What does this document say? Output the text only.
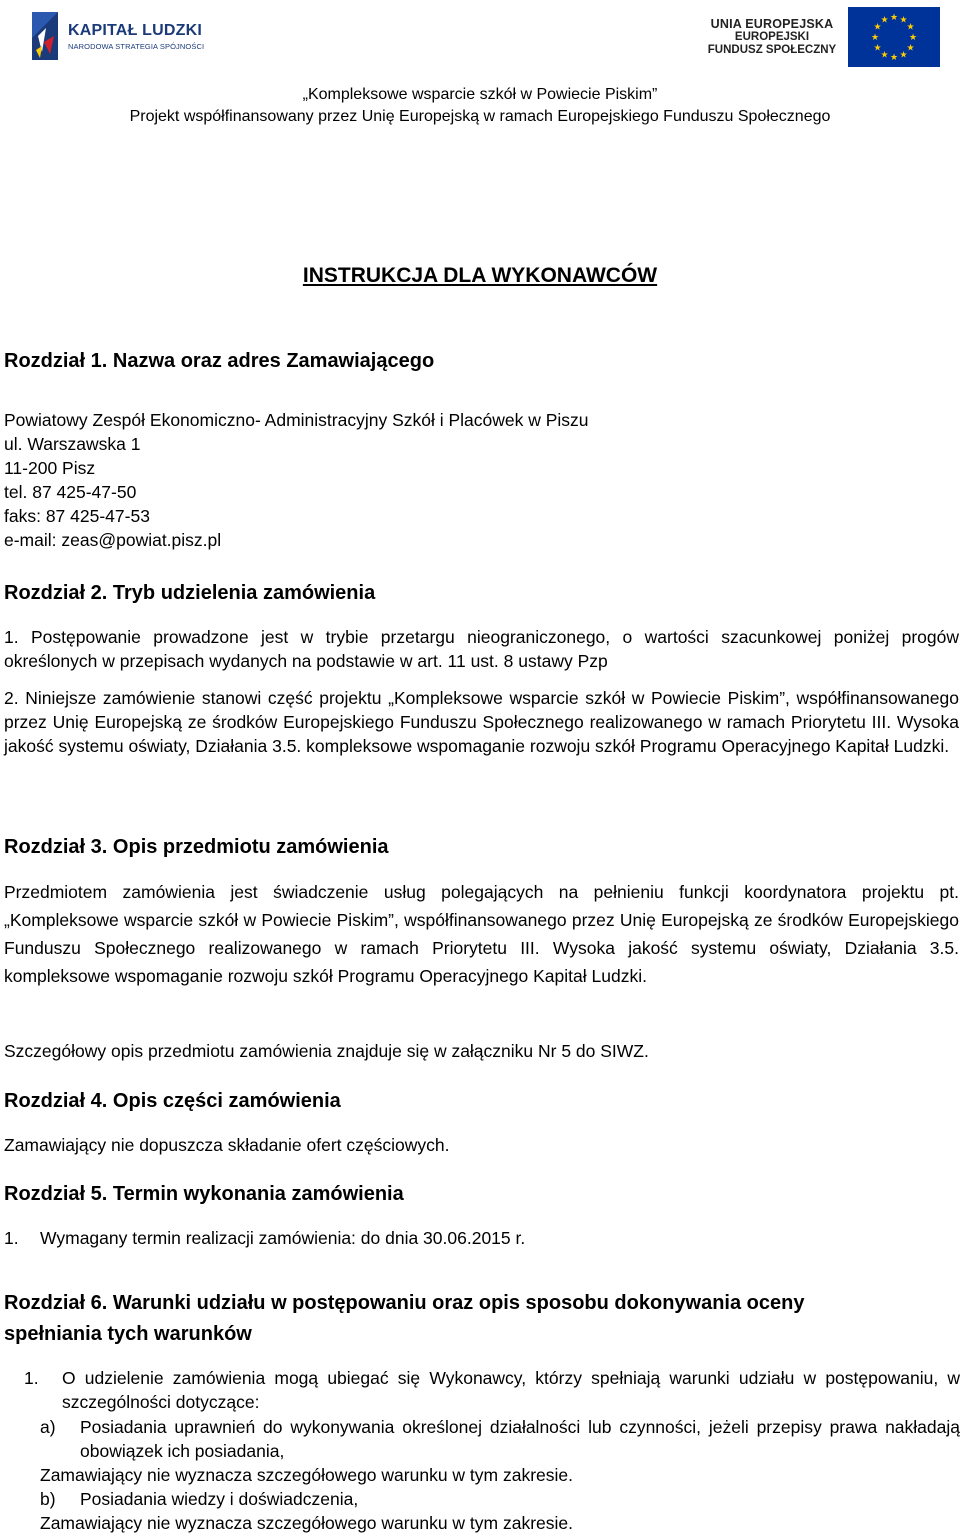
KAPITAŁ LUDZKI
NARODOWA STRATEGIA SPÓJNOŚCI
UNIA EUROPEJSKA
EUROPEJSKI
FUNDUSZ SPOŁECZNY
★ ★
★
★
★
★
★
★
★
★
★
★
„Kompleksowe wsparcie szkół w Powiecie Piskim”
Projekt współfinansowany przez Unię Europejską w ramach Europejskiego Funduszu Społecznego
INSTRUKCJA DLA WYKONAWCÓW
Rozdział 1. Nazwa oraz adres Zamawiającego
Powiatowy Zespół Ekonomiczno- Administracyjny Szkół i Placówek w Piszu
ul. Warszawska 1
11-200 Pisz
tel. 87 425-47-50
faks: 87 425-47-53
e-mail: zeas@powiat.pisz.pl
Rozdział 2. Tryb udzielenia zamówienia
1. Postępowanie prowadzone jest w trybie przetargu nieograniczonego, o wartości szacunkowej poniżej progów określonych w przepisach wydanych na podstawie w art. 11 ust. 8 ustawy Pzp
2. Niniejsze zamówienie stanowi część projektu „Kompleksowe wsparcie szkół w Powiecie Piskim”, współfinansowanego przez Unię Europejską ze środków Europejskiego Funduszu Społecznego realizowanego w ramach Priorytetu III. Wysoka jakość systemu oświaty, Działania 3.5. kompleksowe wspomaganie rozwoju szkół Programu Operacyjnego Kapitał Ludzki.
Rozdział 3. Opis przedmiotu zamówienia
Przedmiotem zamówienia jest świadczenie usług polegających na pełnieniu funkcji koordynatora projektu pt. „Kompleksowe wsparcie szkół w Powiecie Piskim”, współfinansowanego przez Unię Europejską ze środków Europejskiego Funduszu Społecznego realizowanego w ramach Priorytetu III. Wysoka jakość systemu oświaty, Działania 3.5. kompleksowe wspomaganie rozwoju szkół Programu Operacyjnego Kapitał Ludzki.
Szczegółowy opis przedmiotu zamówienia znajduje się w załączniku Nr 5 do SIWZ.
Rozdział 4. Opis części zamówienia
Zamawiający nie dopuszcza składanie ofert częściowych.
Rozdział 5. Termin wykonania zamówienia
1. Wymagany termin realizacji zamówienia: do dnia 30.06.2015 r.
Rozdział 6. Warunki udziału w postępowaniu oraz opis sposobu dokonywania oceny
spełniania tych warunków
1. O udzielenie zamówienia mogą ubiegać się Wykonawcy, którzy spełniają warunki udziału w postępowaniu, w szczególności dotyczące:
a) Posiadania uprawnień do wykonywania określonej działalności lub czynności, jeżeli przepisy prawa nakładają obowiązek ich posiadania,
Zamawiający nie wyznacza szczegółowego warunku w tym zakresie.
b) Posiadania wiedzy i doświadczenia,
Zamawiający nie wyznacza szczegółowego warunku w tym zakresie.
